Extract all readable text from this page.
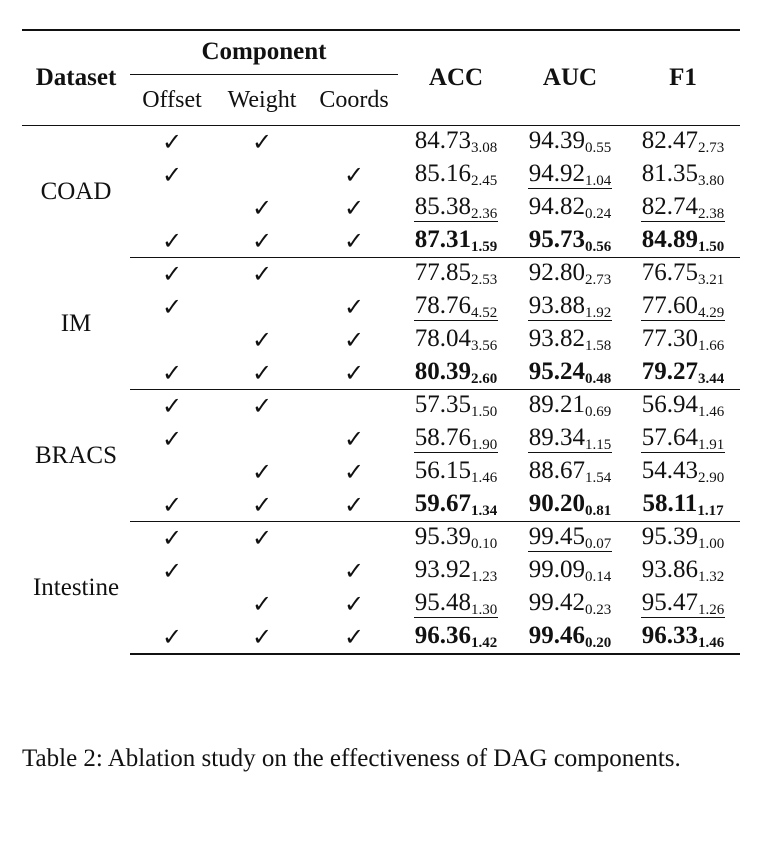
Dataset	Component			ACC	AUC	F1
	Offset	Weight	Coords			
COAD	✓	✓		$84.73_{3.08}$	$94.39_{0.55}$	$82.47_{2.73}$
	✓		✓	$85.16_{2.45}$	$94.92_{1.04}$	$81.35_{3.80}$
		✓	✓	$85.38_{2.36}$	$94.82_{0.24}$	$82.74_{2.38}$
	✓	✓	✓	$87.31_{1.59}$	$95.73_{0.56}$	$84.89_{1.50}$
IM	✓	✓		$77.85_{2.53}$	$92.80_{2.73}$	$76.75_{3.21}$
	✓		✓	$78.76_{4.52}$	$93.88_{1.92}$	$77.60_{4.29}$
		✓	✓	$78.04_{3.56}$	$93.82_{1.58}$	$77.30_{1.66}$
	✓	✓	✓	$80.39_{2.60}$	$95.24_{0.48}$	$79.27_{3.44}$
BRACS	✓	✓		$57.35_{1.50}$	$89.21_{0.69}$	$56.94_{1.46}$
	✓		✓	$58.76_{1.90}$	$89.34_{1.15}$	$57.64_{1.91}$
		✓	✓	$56.15_{1.46}$	$88.67_{1.54}$	$54.43_{2.90}$
	✓	✓	✓	$59.67_{1.34}$	$90.20_{0.81}$	$58.11_{1.17}$
Intestine	✓	✓		$95.39_{0.10}$	$99.45_{0.07}$	$95.39_{1.00}$
	✓		✓	$93.92_{1.23}$	$99.09_{0.14}$	$93.86_{1.32}$
		✓	✓	$95.48_{1.30}$	$99.42_{0.23}$	$95.47_{1.26}$
	✓	✓	✓	$96.36_{1.42}$	$99.46_{0.20}$	$96.33_{1.46}$

Table 2: Ablation study on the effectiveness of DAG components.
